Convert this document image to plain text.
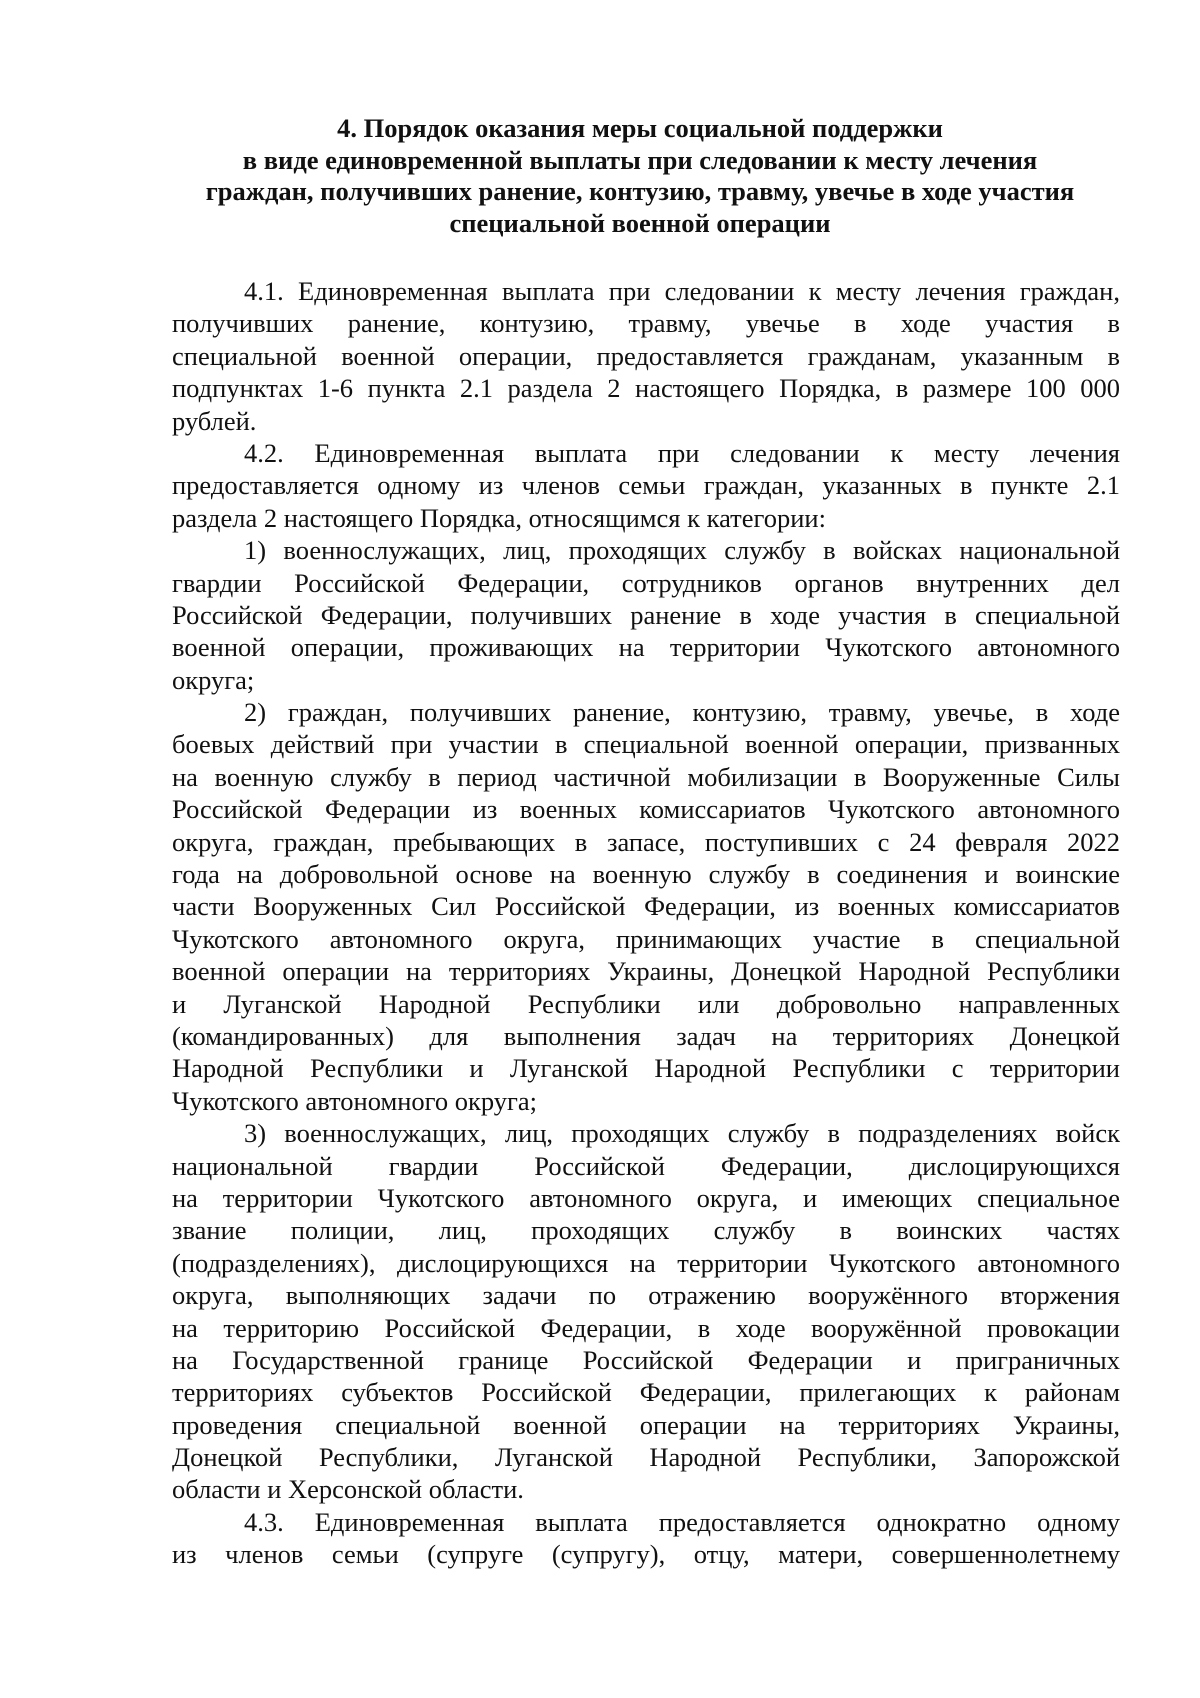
4. Порядок оказания меры социальной поддержки
в виде единовременной выплаты при следовании к месту лечения
граждан, получивших ранение, контузию, травму, увечье в ходе участия
специальной военной операции
4.1. Единовременная выплата при следовании к месту лечения граждан,
получивших ранение, контузию, травму, увечье в ходе участия в
специальной военной операции, предоставляется гражданам, указанным в
подпунктах 1-6 пункта 2.1 раздела 2 настоящего Порядка, в размере 100 000
рублей.
4.2. Единовременная выплата при следовании к месту лечения
предоставляется одному из членов семьи граждан, указанных в пункте 2.1
раздела 2 настоящего Порядка, относящимся к категории:
1) военнослужащих, лиц, проходящих службу в войсках национальной
гвардии Российской Федерации, сотрудников органов внутренних дел
Российской Федерации, получивших ранение в ходе участия в специальной
военной операции, проживающих на территории Чукотского автономного
округа;
2) граждан, получивших ранение, контузию, травму, увечье, в ходе
боевых действий при участии в специальной военной операции, призванных
на военную службу в период частичной мобилизации в Вооруженные Силы
Российской Федерации из военных комиссариатов Чукотского автономного
округа, граждан, пребывающих в запасе, поступивших с 24 февраля 2022
года на добровольной основе на военную службу в соединения и воинские
части Вооруженных Сил Российской Федерации, из военных комиссариатов
Чукотского автономного округа, принимающих участие в специальной
военной операции на территориях Украины, Донецкой Народной Республики
и Луганской Народной Республики или добровольно направленных
(командированных) для выполнения задач на территориях Донецкой
Народной Республики и Луганской Народной Республики с территории
Чукотского автономного округа;
3) военнослужащих, лиц, проходящих службу в подразделениях войск
национальной гвардии Российской Федерации, дислоцирующихся
на территории Чукотского автономного округа, и имеющих специальное
звание полиции, лиц, проходящих службу в воинских частях
(подразделениях), дислоцирующихся на территории Чукотского автономного
округа, выполняющих задачи по отражению вооружённого вторжения
на территорию Российской Федерации, в ходе вооружённой провокации
на Государственной границе Российской Федерации и приграничных
территориях субъектов Российской Федерации, прилегающих к районам
проведения специальной военной операции на территориях Украины,
Донецкой Республики, Луганской Народной Республики, Запорожской
области и Херсонской области.
4.3. Единовременная выплата предоставляется однократно одному
из членов семьи (супруге (супругу), отцу, матери, совершеннолетнему
